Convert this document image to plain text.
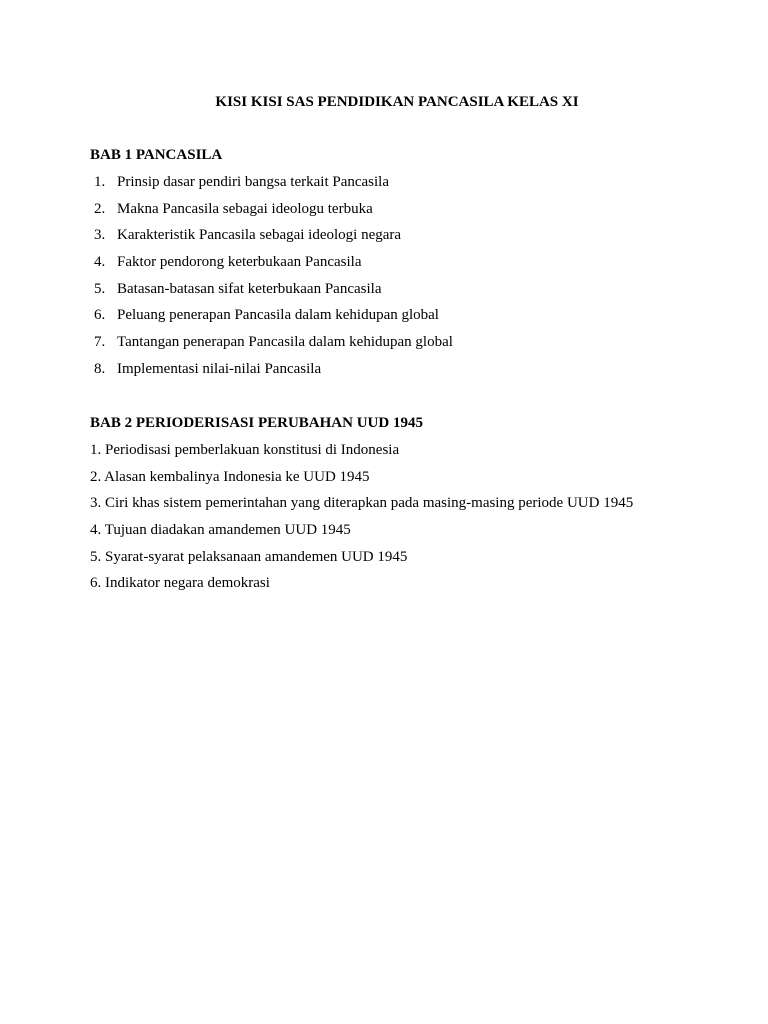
KISI KISI SAS PENDIDIKAN PANCASILA KELAS XI
BAB 1 PANCASILA
1. Prinsip dasar pendiri bangsa terkait Pancasila
2. Makna Pancasila sebagai ideologu terbuka
3. Karakteristik Pancasila sebagai ideologi negara
4. Faktor pendorong keterbukaan Pancasila
5. Batasan-batasan sifat keterbukaan Pancasila
6. Peluang penerapan Pancasila dalam kehidupan global
7. Tantangan penerapan Pancasila dalam kehidupan global
8. Implementasi nilai-nilai Pancasila
BAB 2 PERIODERISASI PERUBAHAN UUD 1945
1. Periodisasi pemberlakuan konstitusi di Indonesia
2. Alasan kembalinya Indonesia ke UUD 1945
3. Ciri khas sistem pemerintahan yang diterapkan pada masing-masing periode UUD 1945
4. Tujuan diadakan amandemen UUD 1945
5. Syarat-syarat pelaksanaan amandemen UUD 1945
6. Indikator negara demokrasi
